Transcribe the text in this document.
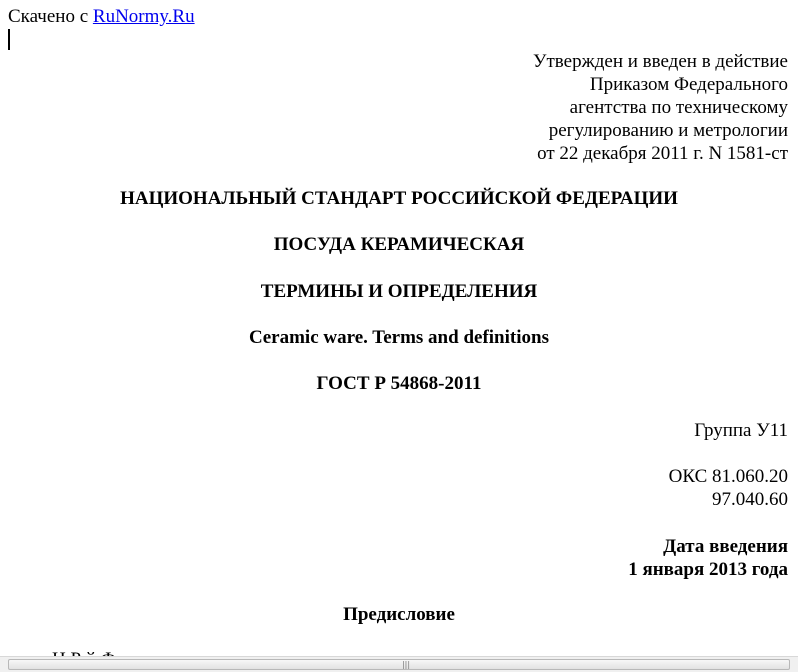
Скачено с RuNormy.Ru
Утвержден и введен в действие
Приказом Федерального
агентства по техническому
регулированию и метрологии
от 22 декабря 2011 г. N 1581-ст
НАЦИОНАЛЬНЫЙ СТАНДАРТ РОССИЙСКОЙ ФЕДЕРАЦИИ
ПОСУДА КЕРАМИЧЕСКАЯ
ТЕРМИНЫ И ОПРЕДЕЛЕНИЯ
Ceramic ware. Terms and definitions
ГОСТ Р 54868-2011
Группа У11
ОКС 81.060.20
97.040.60
Дата введения
1 января 2013 года
Предисловие
|||
